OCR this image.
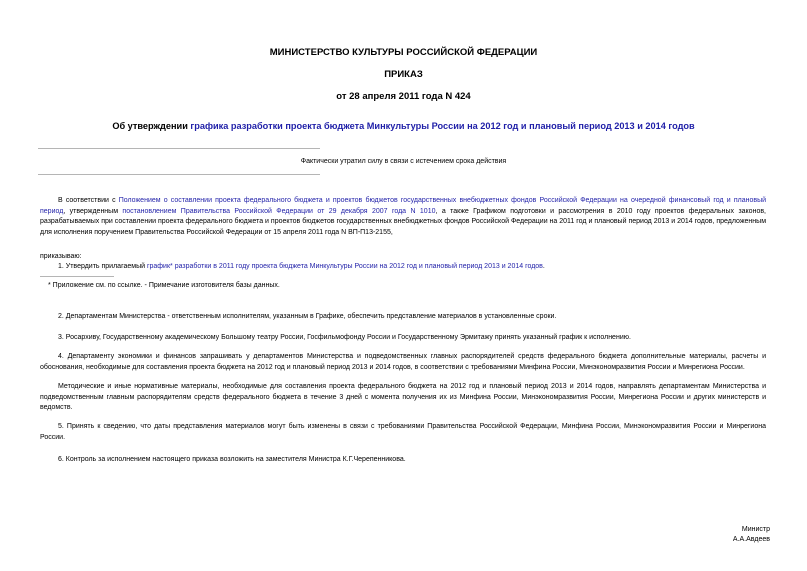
МИНИСТЕРСТВО КУЛЬТУРЫ РОССИЙСКОЙ ФЕДЕРАЦИИ
ПРИКАЗ
от 28 апреля 2011 года N 424
Об утверждении графика разработки проекта бюджета Минкультуры России на 2012 год и плановый период 2013 и 2014 годов
Фактически утратил силу в связи с истечением срока действия
В соответствии с Положением о составлении проекта федерального бюджета и проектов бюджетов государственных внебюджетных фондов Российской Федерации на очередной финансовый год и плановый период, утвержденным постановлением Правительства Российской Федерации от 29 декабря 2007 года N 1010, а также Графиком подготовки и рассмотрения в 2010 году проектов федеральных законов, разрабатываемых при составлении проекта федерального бюджета и проектов бюджетов государственных внебюджетных фондов Российской Федерации на 2011 год и плановый период 2013 и 2014 годов, предложенным для исполнения поручением Правительства Российской Федерации от 15 апреля 2011 года N ВП-П13-2155,
приказываю:
1. Утвердить прилагаемый график* разработки в 2011 году проекта бюджета Минкультуры России на 2012 год и плановый период 2013 и 2014 годов.
* Приложение см. по ссылке. - Примечание изготовителя базы данных.
2. Департаментам Министерства - ответственным исполнителям, указанным в Графике, обеспечить представление материалов в установленные сроки.
3. Росархиву, Государственному академическому Большому театру России, Госфильмофонду России и Государственному Эрмитажу принять указанный график к исполнению.
4. Департаменту экономики и финансов запрашивать у департаментов Министерства и подведомственных главных распорядителей средств федерального бюджета дополнительные материалы, расчеты и обоснования, необходимые для составления проекта бюджета на 2012 год и плановый период 2013 и 2014 годов, в соответствии с требованиями Минфина России, Минэкономразвития России и Минрегиона России.
Методические и иные нормативные материалы, необходимые для составления проекта федерального бюджета на 2012 год и плановый период 2013 и 2014 годов, направлять департаментам Министерства и подведомственным главным распорядителям средств федерального бюджета в течение 3 дней с момента получения их из Минфина России, Минэкономразвития России, Минрегиона России и других министерств и ведомств.
5. Принять к сведению, что даты представления материалов могут быть изменены в связи с требованиями Правительства Российской Федерации, Минфина России, Минэкономразвития России и Минрегиона России.
6. Контроль за исполнением настоящего приказа возложить на заместителя Министра К.Г.Черепенникова.
Министр
А.А.Авдеев
